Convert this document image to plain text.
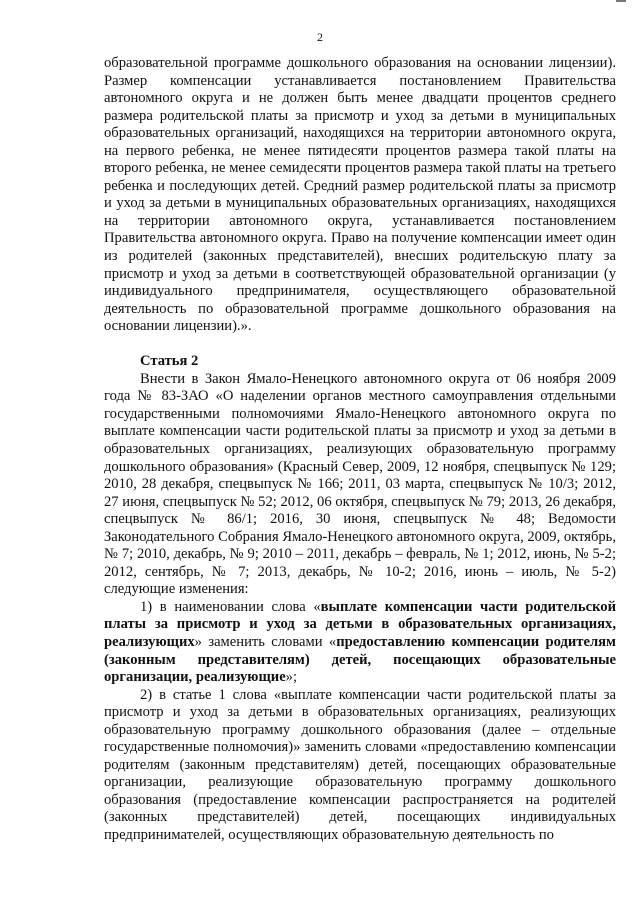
2

образовательной программе дошкольного образования на основании лицензии). Размер компенсации устанавливается постановлением Правительства автономного округа и не должен быть менее двадцати процентов среднего размера родительской платы за присмотр и уход за детьми в муниципальных образовательных организаций, находящихся на территории автономного округа, на первого ребенка, не менее пятидесяти процентов размера такой платы на второго ребенка, не менее семидесяти процентов размера такой платы на третьего ребенка и последующих детей. Средний размер родительской платы за присмотр и уход за детьми в муниципальных образовательных организациях, находящихся на территории автономного округа, устанавливается постановлением Правительства автономного округа. Право на получение компенсации имеет один из родителей (законных представителей), внесших родительскую плату за присмотр и уход за детьми в соответствующей образовательной организации (у индивидуального предпринимателя, осуществляющего образовательной деятельность по образовательной программе дошкольного образования на основании лицензии).».

Статья 2

Внести в Закон Ямало-Ненецкого автономного округа от 06 ноября 2009 года № 83-ЗАО «О наделении органов местного самоуправления отдельными государственными полномочиями Ямало-Ненецкого автономного округа по выплате компенсации части родительской платы за присмотр и уход за детьми в образовательных организациях, реализующих образовательную программу дошкольного образования» (Красный Север, 2009, 12 ноября, спецвыпуск № 129; 2010, 28 декабря, спецвыпуск № 166; 2011, 03 марта, спецвыпуск № 10/3; 2012, 27 июня, спецвыпуск № 52; 2012, 06 октября, спецвыпуск № 79; 2013, 26 декабря, спецвыпуск № 86/1; 2016, 30 июня, спецвыпуск № 48; Ведомости Законодательного Собрания Ямало-Ненецкого автономного округа, 2009, октябрь, № 7; 2010, декабрь, № 9; 2010 – 2011, декабрь – февраль, № 1; 2012, июнь, № 5-2; 2012, сентябрь, № 7; 2013, декабрь, № 10-2; 2016, июнь – июль, № 5-2) следующие изменения:

1) в наименовании слова «выплате компенсации части родительской платы за присмотр и уход за детьми в образовательных организациях, реализующих» заменить словами «предоставлению компенсации родителям (законным представителям) детей, посещающих образовательные организации, реализующие»;

2) в статье 1 слова «выплате компенсации части родительской платы за присмотр и уход за детьми в образовательных организациях, реализующих образовательную программу дошкольного образования (далее – отдельные государственные полномочия)» заменить словами «предоставлению компенсации родителям (законным представителям) детей, посещающих образовательные организации, реализующие образовательную программу дошкольного образования (предоставление компенсации распространяется на родителей (законных представителей) детей, посещающих индивидуальных предпринимателей, осуществляющих образовательную деятельность по
